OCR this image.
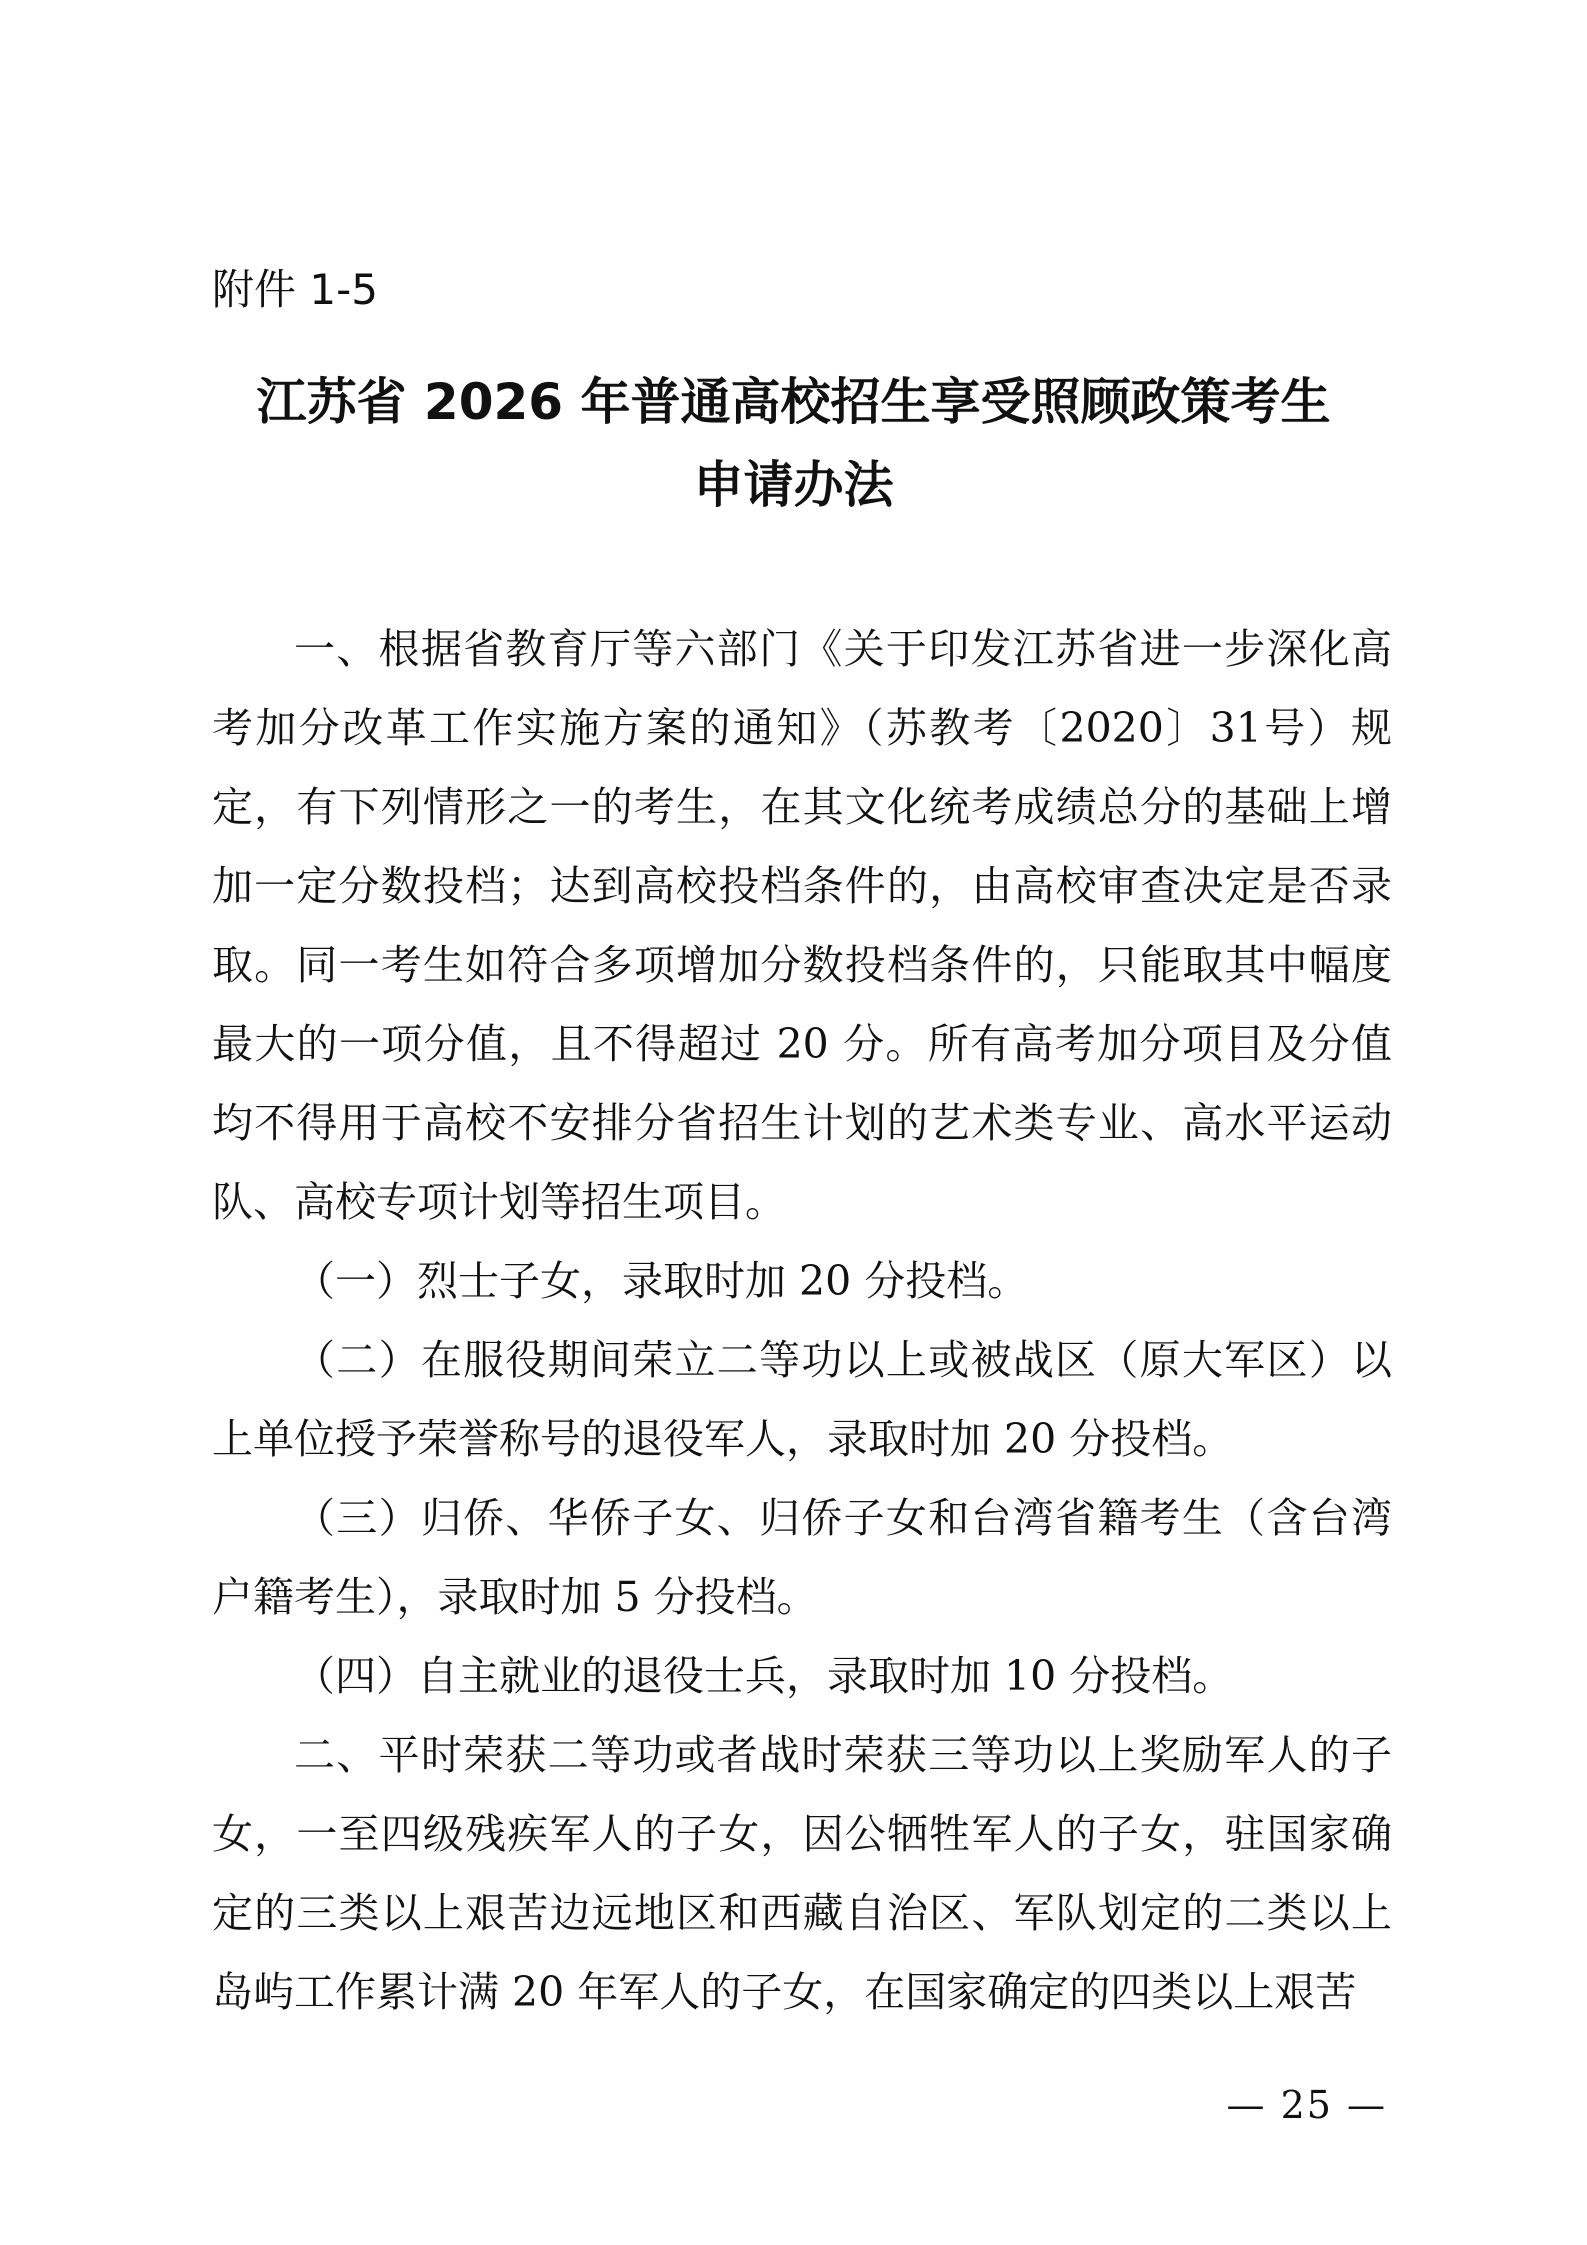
附件 1-5
江苏省 2026 年普通高校招生享受照顾政策考生
申请办法

一、根据省教育厅等六部门《关于印发江苏省进一步深化高考加分改革工作实施方案的通知》（苏教考〔2020〕31号）规定，有下列情形之一的考生，在其文化统考成绩总分的基础上增加一定分数投档；达到高校投档条件的，由高校审查决定是否录取。同一考生如符合多项增加分数投档条件的，只能取其中幅度最大的一项分值，且不得超过 20 分。所有高考加分项目及分值均不得用于高校不安排分省招生计划的艺术类专业、高水平运动队、高校专项计划等招生项目。

（一）烈士子女，录取时加 20 分投档。

（二）在服役期间荣立二等功以上或被战区（原大军区）以上单位授予荣誉称号的退役军人，录取时加 20 分投档。

（三）归侨、华侨子女、归侨子女和台湾省籍考生（含台湾户籍考生），录取时加 5 分投档。

（四）自主就业的退役士兵，录取时加 10 分投档。

二、平时荣获二等功或者战时荣获三等功以上奖励军人的子女，一至四级残疾军人的子女，因公牺牲军人的子女，驻国家确定的三类以上艰苦边远地区和西藏自治区、军队划定的二类以上岛屿工作累计满 20 年军人的子女，在国家确定的四类以上艰苦

— 25 —
